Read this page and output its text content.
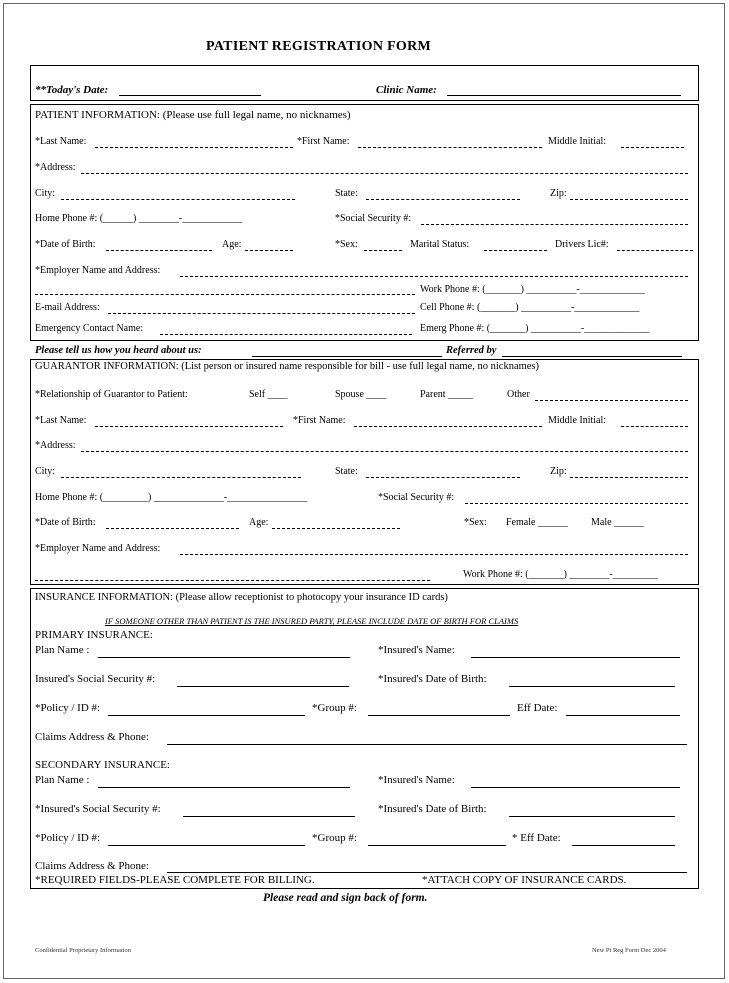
PATIENT REGISTRATION FORM
**Today's Date:	Clinic Name:
PATIENT INFORMATION: (Please use full legal name, no nicknames)
*Last Name:	*First Name:	Middle Initial:
*Address:
City:	State:	Zip:
Home Phone #: (______) ________-____________	*Social Security #:
*Date of Birth:	Age:	*Sex:	Marital Status:	Drivers Lic#:
*Employer Name and Address:
Work Phone #: (_______) __________-_____________
E-mail Address:	Cell Phone #: (_______) __________-_____________
Emergency Contact Name:	Emerg Phone #: (_______) __________-_____________
Please tell us how you heard about us:	Referred by
GUARANTOR INFORMATION: (List person or insured name responsible for bill - use full legal name, no nicknames)
*Relationship of Guarantor to Patient:	Self ____	Spouse ____	Parent _____	Other
*Last Name:	*First Name:	Middle Initial:
*Address:
City:	State:	Zip:
Home Phone #: (_________) ______________-________________	*Social Security #:
*Date of Birth:	Age:	*Sex: Female ______ Male ______
*Employer Name and Address:
Work Phone #: (_______) ________-_________
INSURANCE INFORMATION: (Please allow receptionist to photocopy your insurance ID cards)
IF SOMEONE OTHER THAN PATIENT IS THE INSURED PARTY, PLEASE INCLUDE DATE OF BIRTH FOR CLAIMS
PRIMARY INSURANCE:
Plan Name :	*Insured's Name:
Insured's Social Security #:	*Insured's Date of Birth:
*Policy / ID #:	*Group #:	Eff Date:
Claims Address & Phone:
SECONDARY INSURANCE:
Plan Name :	*Insured's Name:
*Insured's Social Security #:	*Insured's Date of Birth:
*Policy / ID #:	*Group #:	* Eff Date:
Claims Address & Phone:
*REQUIRED FIELDS-PLEASE COMPLETE FOR BILLING.	*ATTACH COPY OF INSURANCE CARDS.
Please read and sign back of form.
Confidential Proprietary Information	New Pt Reg Form Dec 2004
